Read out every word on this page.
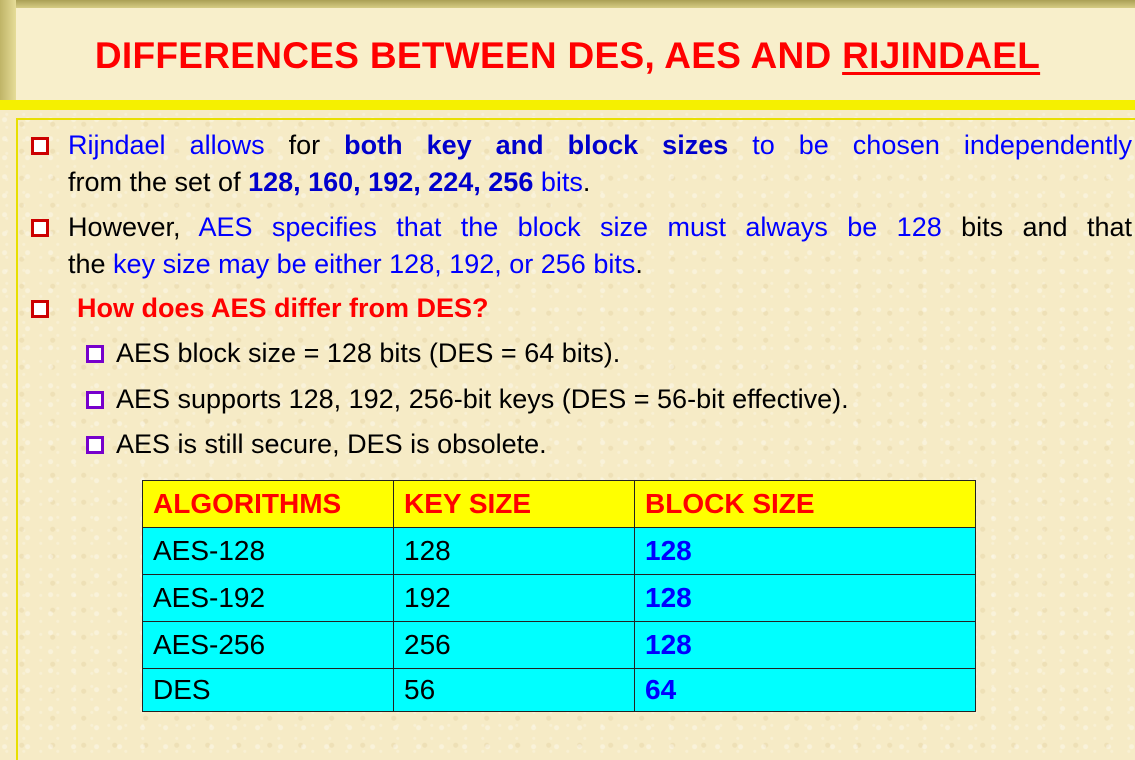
DIFFERENCES BETWEEN DES, AES AND RIJINDAEL
Rijndael allows for both key and block sizes to be chosen independently
from the set of 128, 160, 192, 224, 256 bits.
However, AES specifies that the block size must always be 128 bits and that
the key size may be either 128, 192, or 256 bits.
How does AES differ from DES?
AES block size = 128 bits (DES = 64 bits).
AES supports 128, 192, 256-bit keys (DES = 56-bit effective).
AES is still secure, DES is obsolete.
ALGORITHMS	KEY SIZE	BLOCK SIZE
AES-128	128	128
AES-192	192	128
AES-256	256	128
DES	56	64
